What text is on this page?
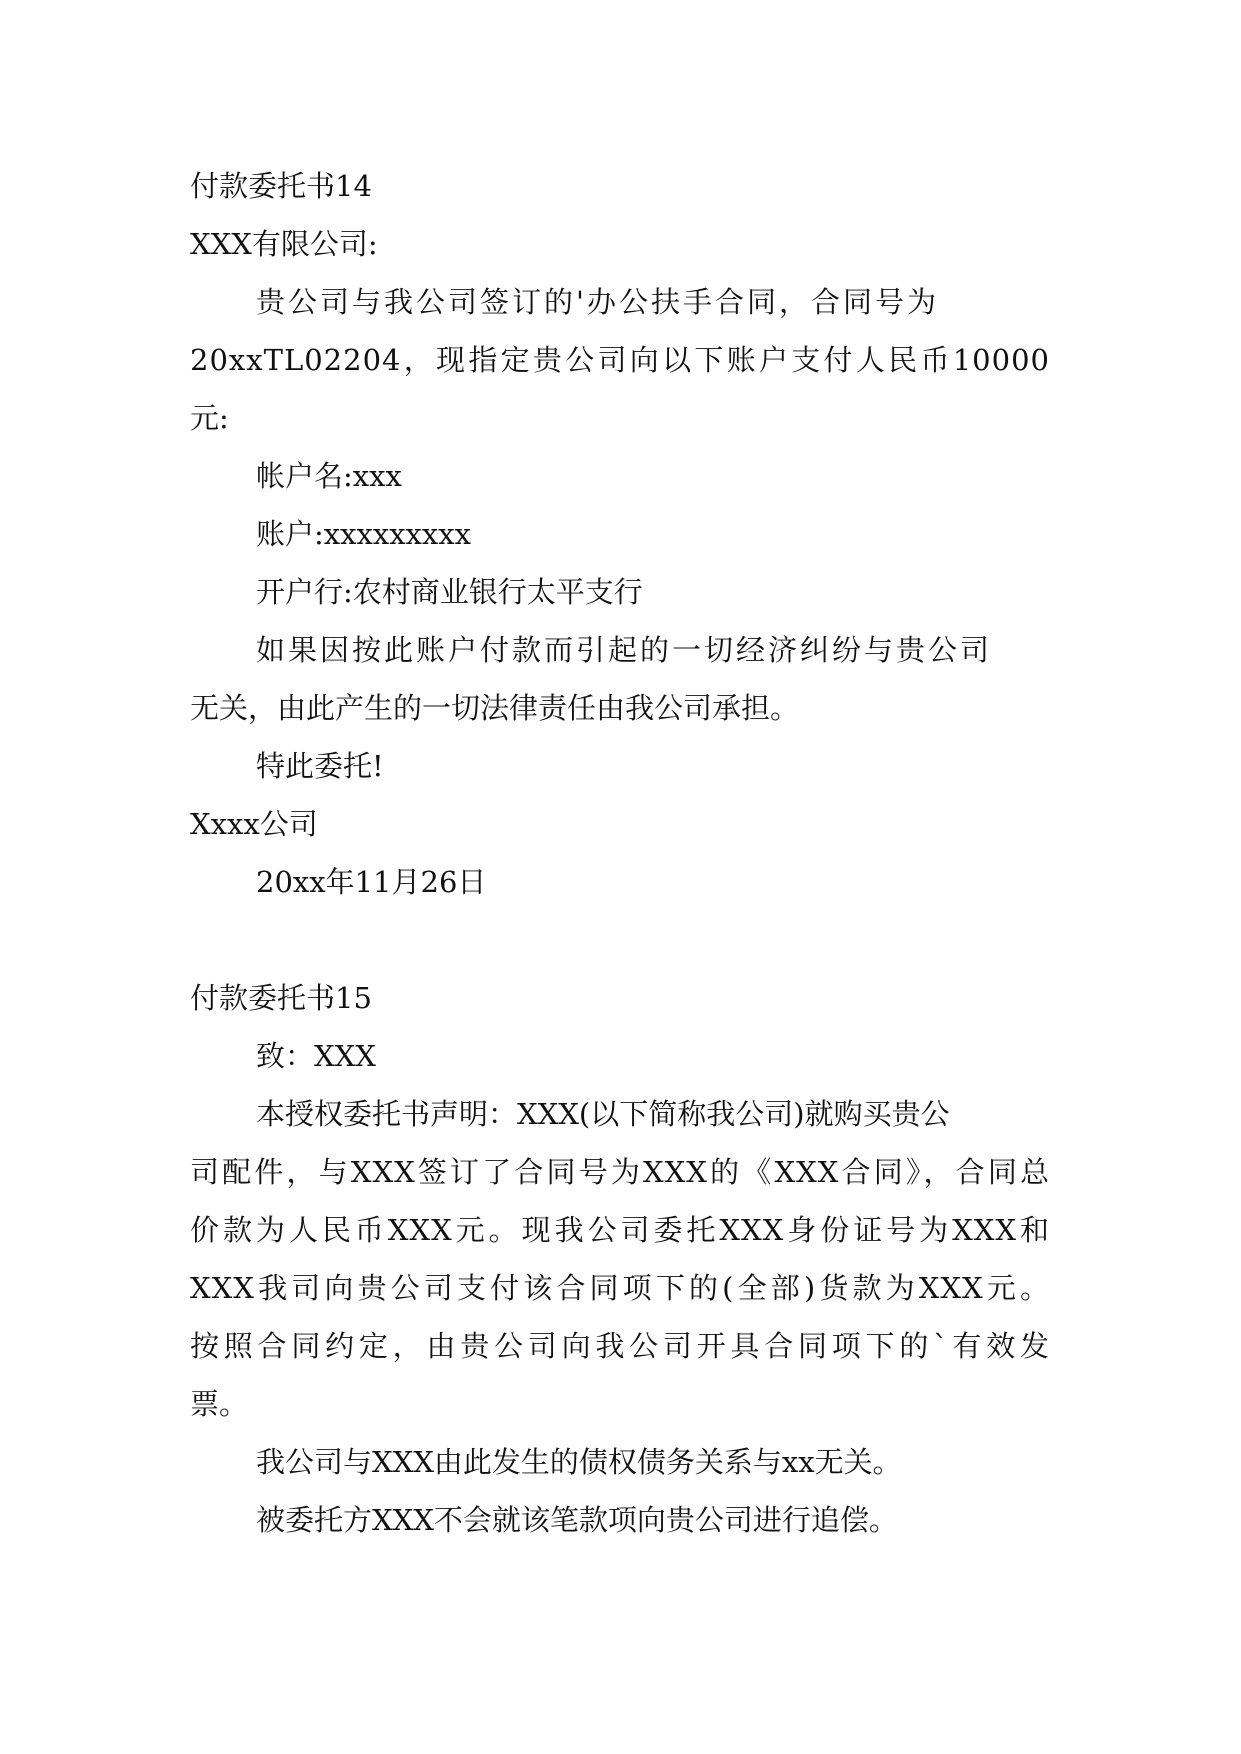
付款委托书14

XXX有限公司:

贵公司与我公司签订的'办公扶手合同，合同号为

20xxTL02204，现指定贵公司向以下账户支付人民币10000

元:

帐户名:xxx

账户:xxxxxxxxx

开户行:农村商业银行太平支行

如果因按此账户付款而引起的一切经济纠纷与贵公司

无关，由此产生的一切法律责任由我公司承担。

特此委托!

Xxxx公司

20xx年11月26日

付款委托书15

致：XXX

本授权委托书声明：XXX(以下简称我公司)就购买贵公

司配件，与XXX签订了合同号为XXX的《XXX合同》，合同总

价款为人民币XXX元。现我公司委托XXX身份证号为XXX和

XXX我司向贵公司支付该合同项下的(全部)货款为XXX元。

按照合同约定，由贵公司向我公司开具合同项下的`有效发

票。

我公司与XXX由此发生的债权债务关系与xx无关。

被委托方XXX不会就该笔款项向贵公司进行追偿。
